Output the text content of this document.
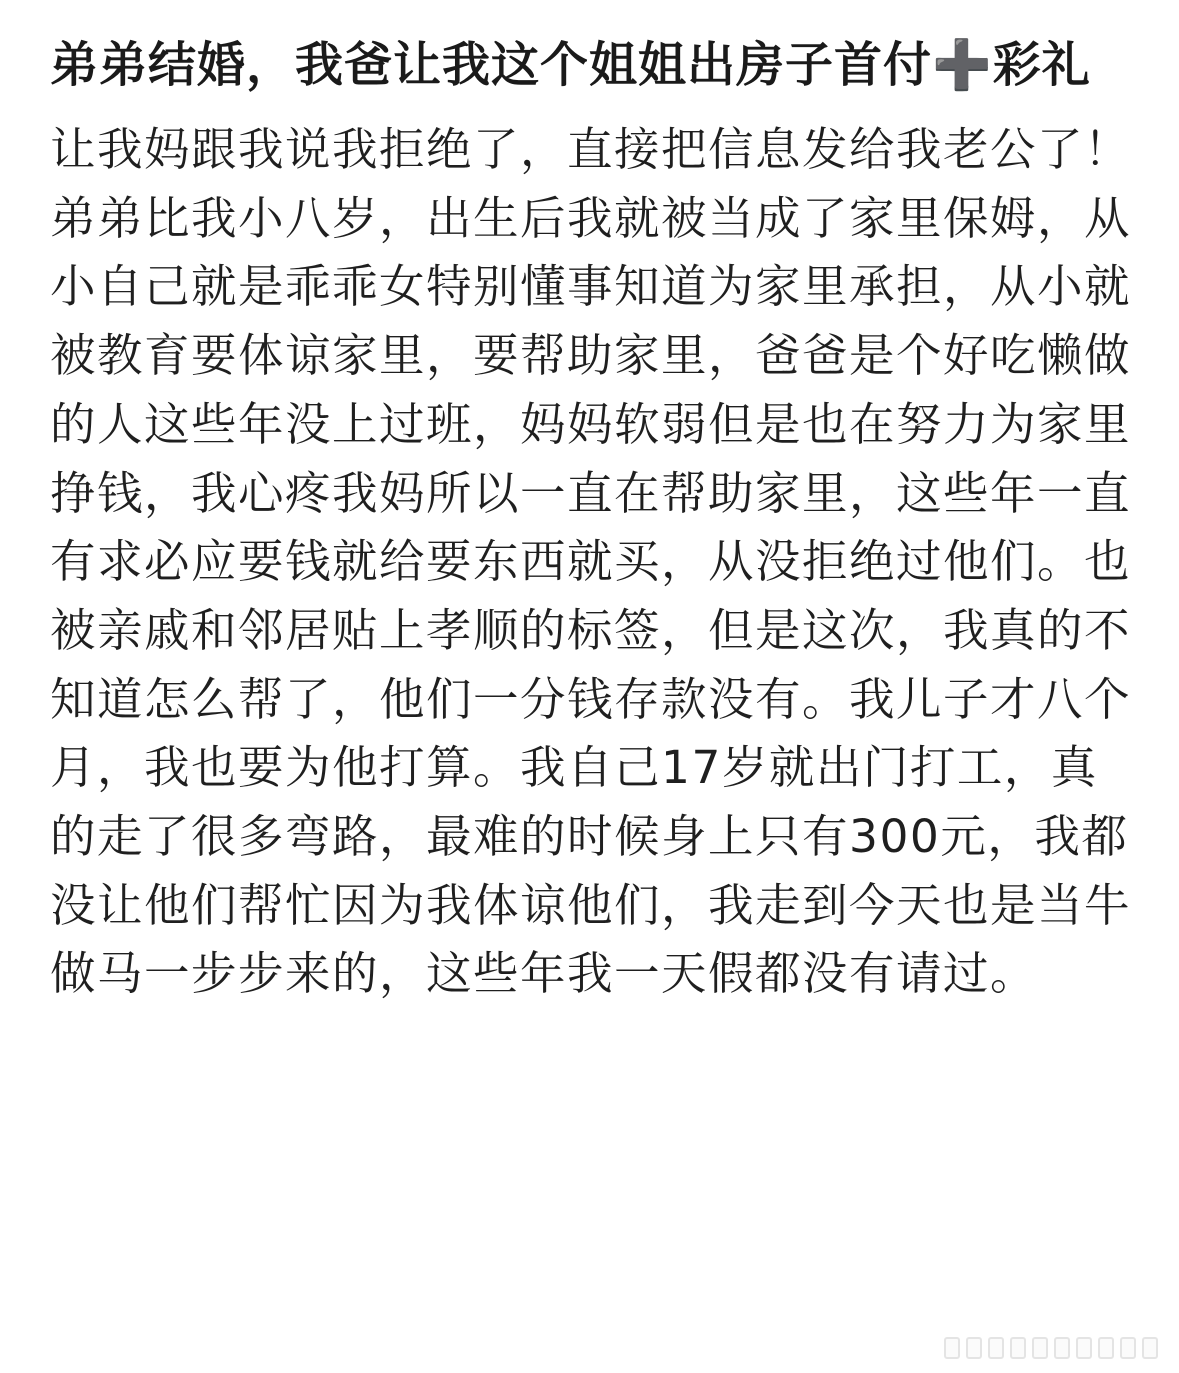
弟弟结婚，我爸让我这个姐姐出房子首付➕彩礼

让我妈跟我说我拒绝了，直接把信息发给我老公了！

弟弟比我小八岁，出生后我就被当成了家里保姆，从小自己就是乖乖女特别懂事知道为家里承担，从小就被教育要体谅家里，要帮助家里，爸爸是个好吃懒做的人这些年没上过班，妈妈软弱但是也在努力为家里挣钱，我心疼我妈所以一直在帮助家里，这些年一直有求必应要钱就给要东西就买，从没拒绝过他们。也被亲戚和邻居贴上孝顺的标签，但是这次，我真的不知道怎么帮了，他们一分钱存款没有。我儿子才八个月，我也要为他打算。我自己17岁就出门打工，真的走了很多弯路，最难的时候身上只有300元，我都没让他们帮忙因为我体谅他们，我走到今天也是当牛做马一步步来的，这些年我一天假都没有请过。
